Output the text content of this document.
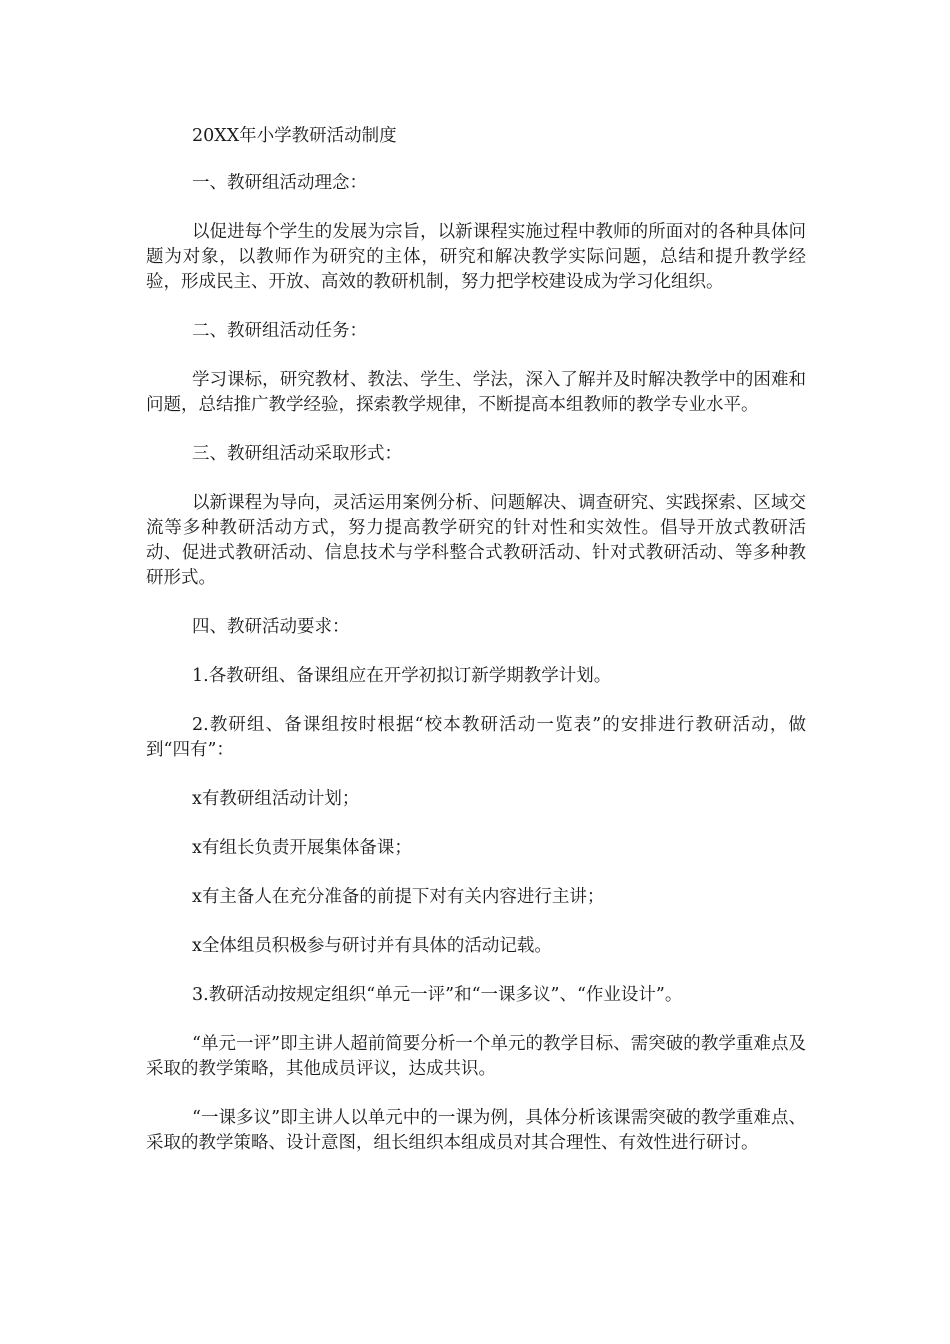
20XX年小学教研活动制度

一、教研组活动理念：

以促进每个学生的发展为宗旨，以新课程实施过程中教师的所面对的各种具体问题为对象，以教师作为研究的主体，研究和解决教学实际问题，总结和提升教学经验，形成民主、开放、高效的教研机制，努力把学校建设成为学习化组织。

二、教研组活动任务：

学习课标，研究教材、教法、学生、学法，深入了解并及时解决教学中的困难和问题，总结推广教学经验，探索教学规律，不断提高本组教师的教学专业水平。

三、教研组活动采取形式：

以新课程为导向，灵活运用案例分析、问题解决、调查研究、实践探索、区域交流等多种教研活动方式，努力提高教学研究的针对性和实效性。倡导开放式教研活动、促进式教研活动、信息技术与学科整合式教研活动、针对式教研活动、等多种教研形式。

四、教研活动要求：

1.各教研组、备课组应在开学初拟订新学期教学计划。

2.教研组、备课组按时根据“校本教研活动一览表”的安排进行教研活动，做到“四有”：

x有教研组活动计划；

x有组长负责开展集体备课；

x有主备人在充分准备的前提下对有关内容进行主讲；

x全体组员积极参与研讨并有具体的活动记载。

3.教研活动按规定组织“单元一评”和“一课多议”、“作业设计”。

“单元一评”即主讲人超前简要分析一个单元的教学目标、需突破的教学重难点及采取的教学策略，其他成员评议，达成共识。

“一课多议”即主讲人以单元中的一课为例，具体分析该课需突破的教学重难点、采取的教学策略、设计意图，组长组织本组成员对其合理性、有效性进行研讨。
